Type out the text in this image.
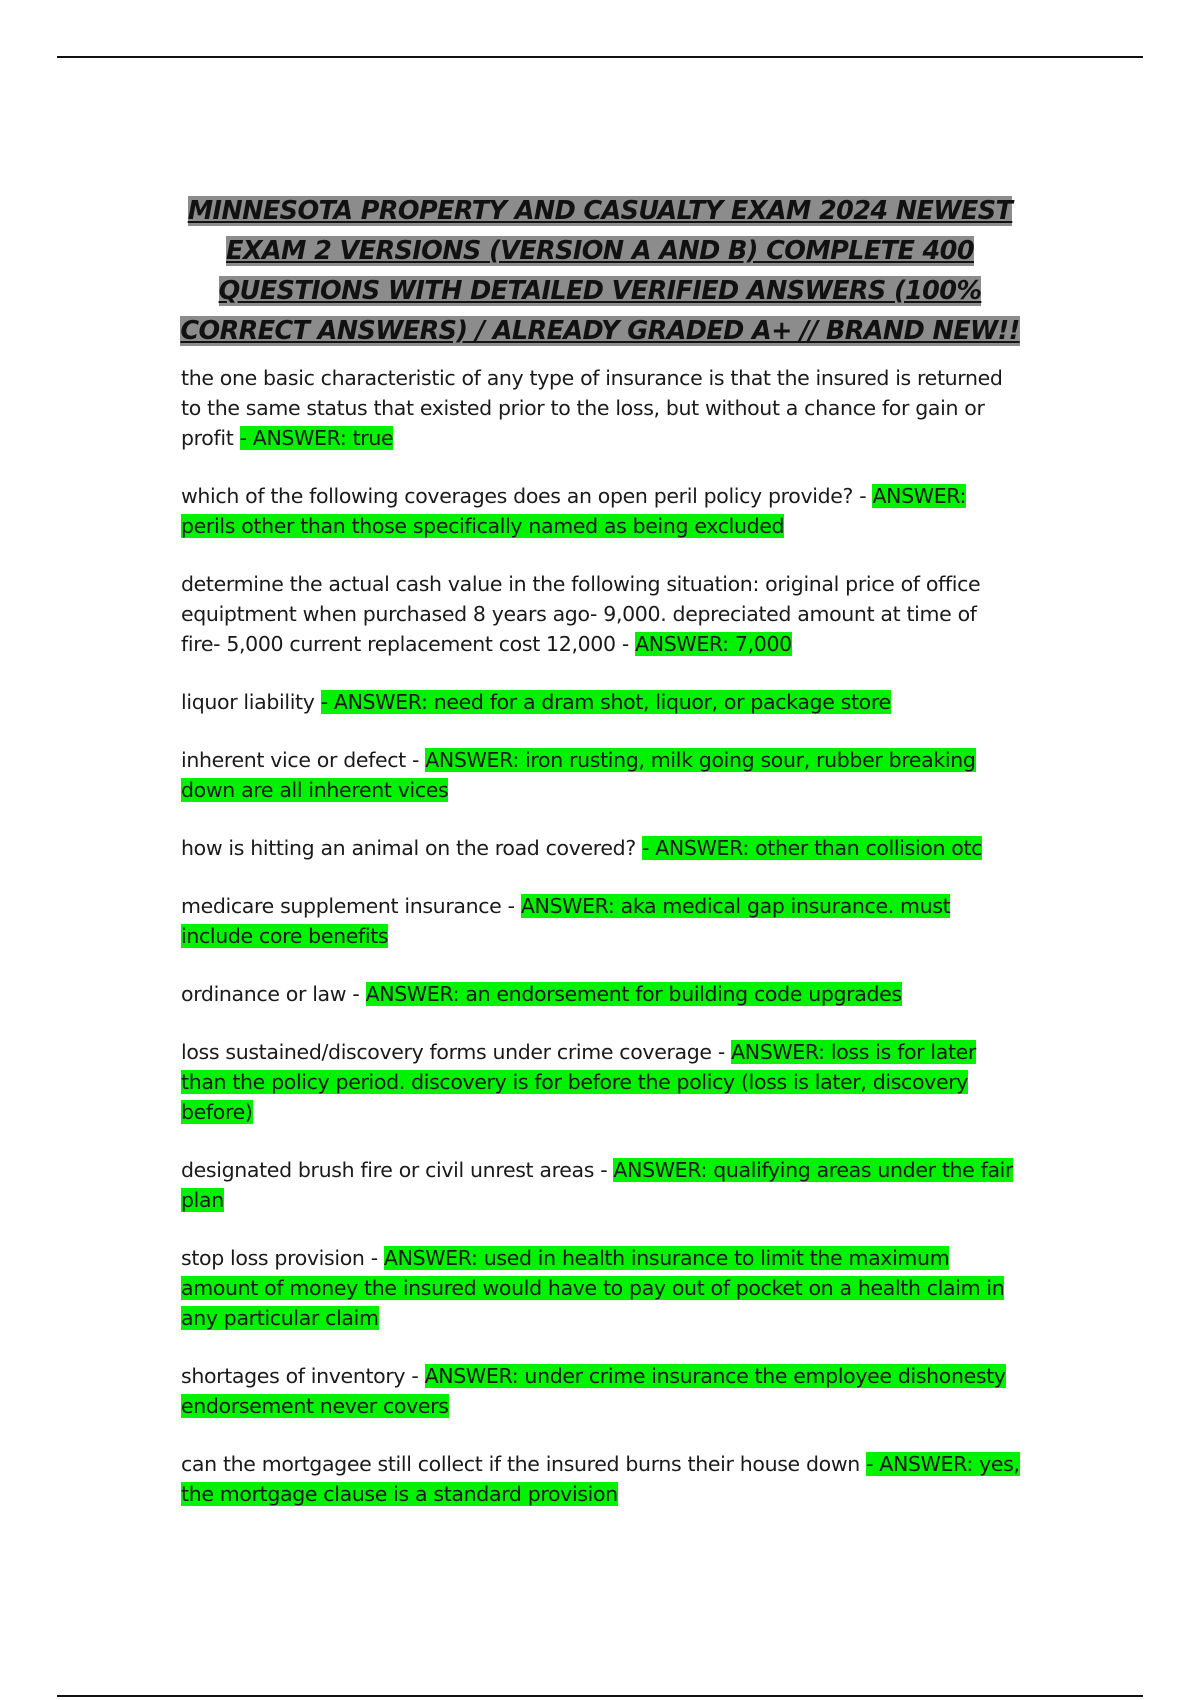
MINNESOTA PROPERTY AND CASUALTY EXAM 2024 NEWEST EXAM 2 VERSIONS (VERSION A AND B) COMPLETE 400 QUESTIONS WITH DETAILED VERIFIED ANSWERS (100% CORRECT ANSWERS) / ALREADY GRADED A+ // BRAND NEW!!

the one basic characteristic of any type of insurance is that the insured is returned to the same status that existed prior to the loss, but without a chance for gain or profit - ANSWER: true

which of the following coverages does an open peril policy provide? - ANSWER: perils other than those specifically named as being excluded

determine the actual cash value in the following situation: original price of office equiptment when purchased 8 years ago- 9,000. depreciated amount at time of fire- 5,000 current replacement cost 12,000 - ANSWER: 7,000

liquor liability - ANSWER: need for a dram shot, liquor, or package store

inherent vice or defect - ANSWER: iron rusting, milk going sour, rubber breaking down are all inherent vices

how is hitting an animal on the road covered? - ANSWER: other than collision otc

medicare supplement insurance - ANSWER: aka medical gap insurance. must include core benefits

ordinance or law - ANSWER: an endorsement for building code upgrades

loss sustained/discovery forms under crime coverage - ANSWER: loss is for later than the policy period. discovery is for before the policy (loss is later, discovery before)

designated brush fire or civil unrest areas - ANSWER: qualifying areas under the fair plan

stop loss provision - ANSWER: used in health insurance to limit the maximum amount of money the insured would have to pay out of pocket on a health claim in any particular claim

shortages of inventory - ANSWER: under crime insurance the employee dishonesty endorsement never covers

can the mortgagee still collect if the insured burns their house down - ANSWER: yes, the mortgage clause is a standard provision
